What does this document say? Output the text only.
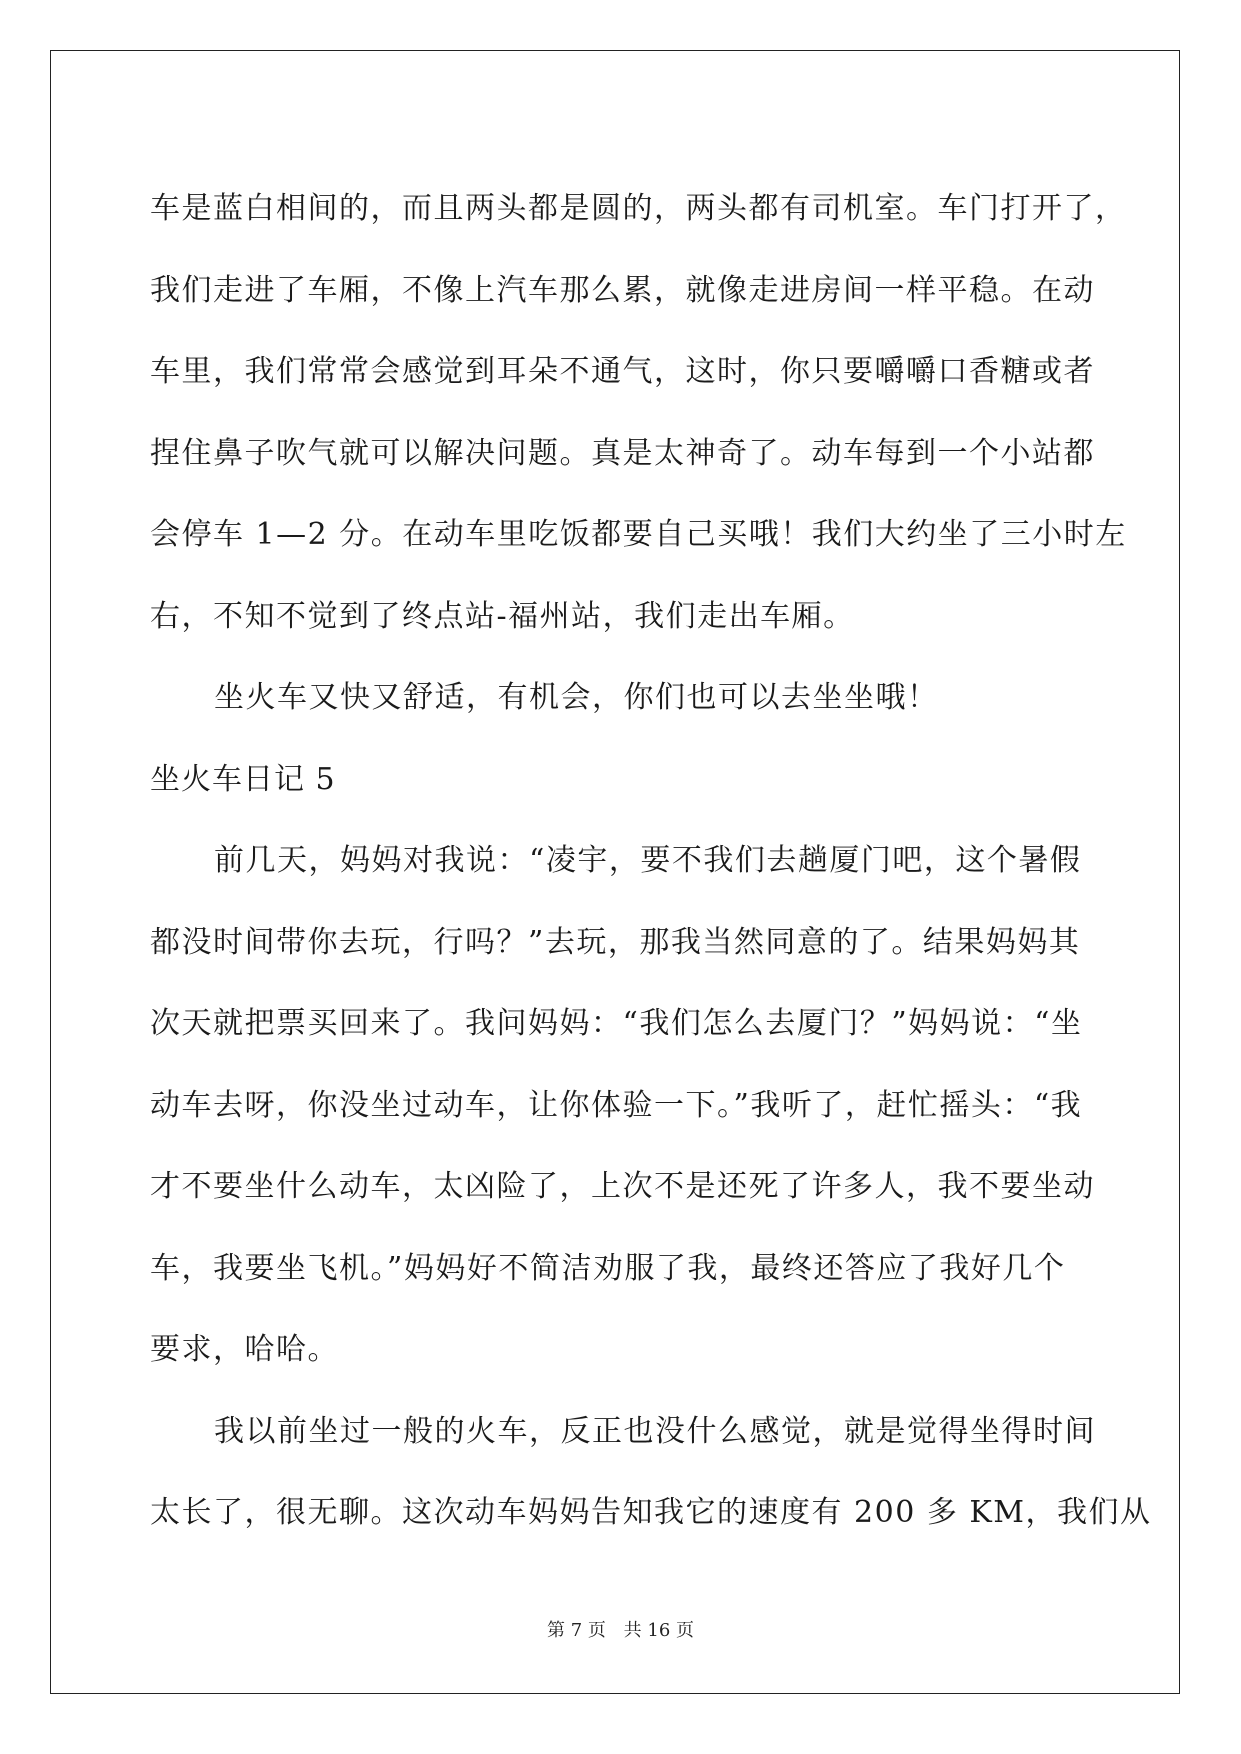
车是蓝白相间的，而且两头都是圆的，两头都有司机室。车门打开了，
我们走进了车厢，不像上汽车那么累，就像走进房间一样平稳。在动
车里，我们常常会感觉到耳朵不通气，这时，你只要嚼嚼口香糖或者
捏住鼻子吹气就可以解决问题。真是太神奇了。动车每到一个小站都
会停车 1—2 分。在动车里吃饭都要自己买哦！我们大约坐了三小时左
右，不知不觉到了终点站-福州站，我们走出车厢。
坐火车又快又舒适，有机会，你们也可以去坐坐哦！
坐火车日记 5
前几天，妈妈对我说：“凌宇，要不我们去趟厦门吧，这个暑假
都没时间带你去玩，行吗？”去玩，那我当然同意的了。结果妈妈其
次天就把票买回来了。我问妈妈：“我们怎么去厦门？”妈妈说：“坐
动车去呀，你没坐过动车，让你体验一下。”我听了，赶忙摇头：“我
才不要坐什么动车，太凶险了，上次不是还死了许多人，我不要坐动
车，我要坐飞机。”妈妈好不简洁劝服了我，最终还答应了我好几个
要求，哈哈。
我以前坐过一般的火车，反正也没什么感觉，就是觉得坐得时间
太长了，很无聊。这次动车妈妈告知我它的速度有 200 多 KM，我们从
第 7 页 共 16 页
